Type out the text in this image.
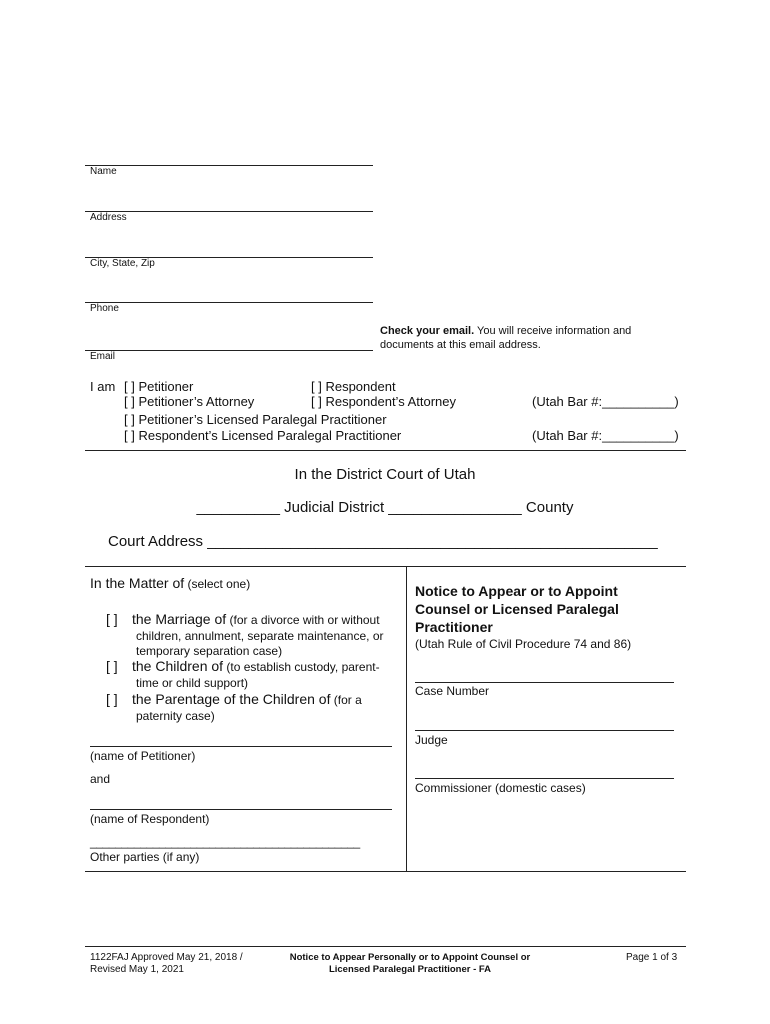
Name
Address
City, State, Zip
Phone
Check your email. You will receive information and
documents at this email address.
Email
I am [ ] Petitioner	[ ] Respondent
[ ] Petitioner’s Attorney	[ ] Respondent’s Attorney	(Utah Bar #:__________)
[ ] Petitioner’s Licensed Paralegal Practitioner
[ ] Respondent’s Licensed Paralegal Practitioner	(Utah Bar #:__________)
In the District Court of Utah
__________ Judicial District ________________ County
Court Address ______________________________________________________
In the Matter of (select one)
[ ] the Marriage of (for a divorce with or without
children, annulment, separate maintenance, or
temporary separation case)
[ ] the Children of (to establish custody, parent-
time or child support)
[ ] the Parentage of the Children of (for a
paternity case)
(name of Petitioner)
and
(name of Respondent)
___________________________________________
Other parties (if any)
Notice to Appear or to Appoint
Counsel or Licensed Paralegal
Practitioner
(Utah Rule of Civil Procedure 74 and 86)
Case Number
Judge
Commissioner (domestic cases)
1122FAJ Approved May 21, 2018 /
Revised May 1, 2021
Notice to Appear Personally or to Appoint Counsel or
Licensed Paralegal Practitioner - FA
Page 1 of 3
